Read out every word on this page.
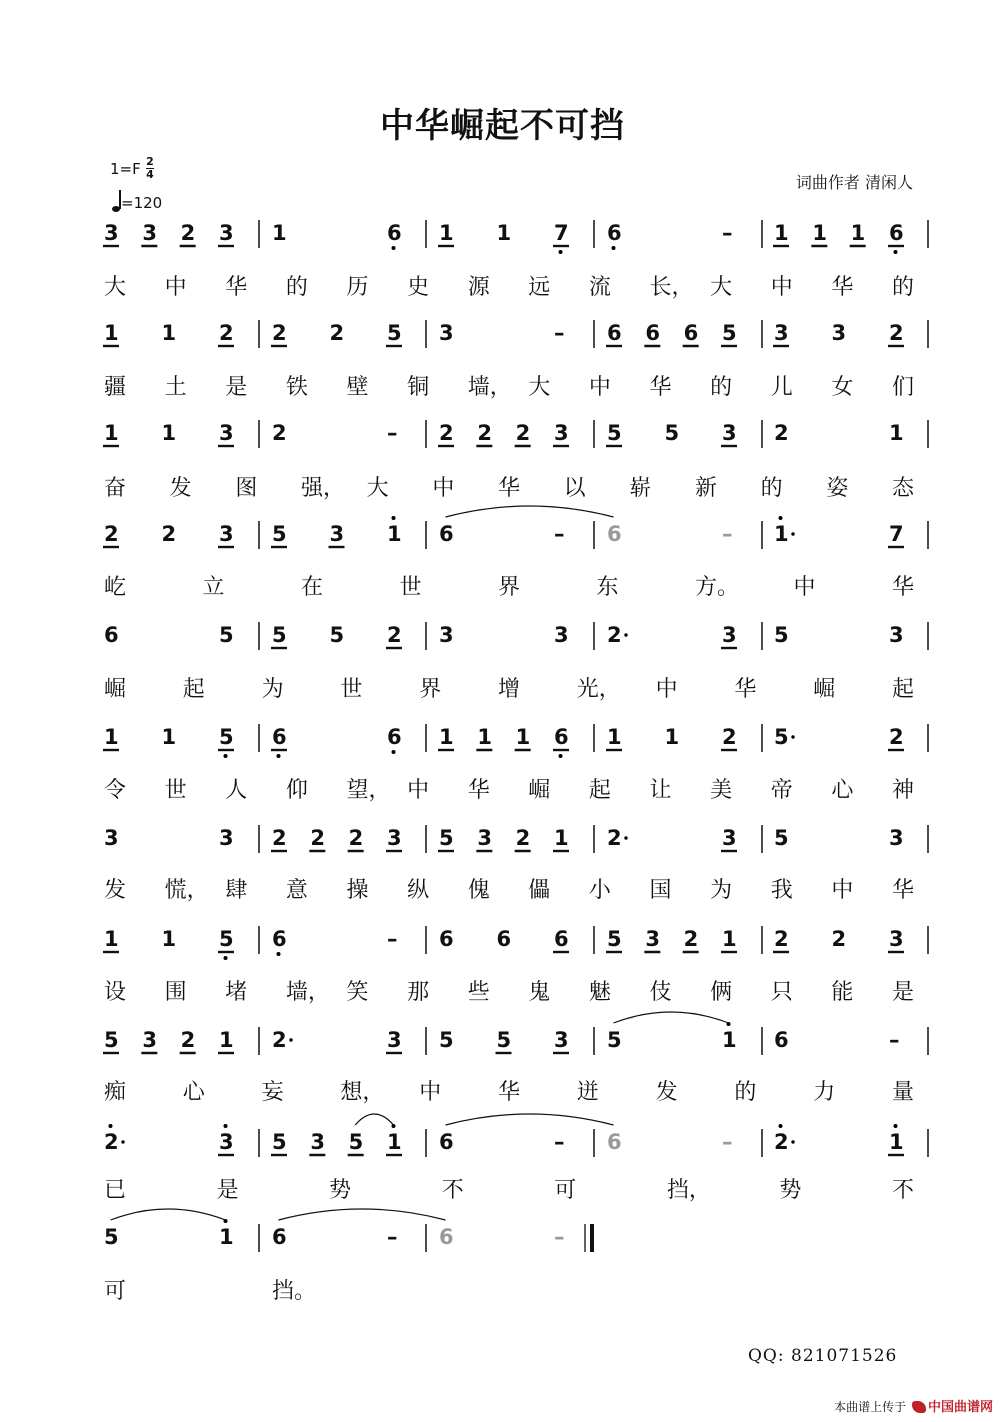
中华崛起不可挡
1=F 2
4
=120
词曲作者 清闲人
3 3 2 3 1	6 1 1 7 6	– 1 1 1 6
大 中 华 的 历 史 源 远 流 长， 大 中 华 的
1 1 2 2 2 5 3	– 6 6 6 5 3 3 2
疆 土 是 铁 壁 铜 墙， 大 中 华 的 儿 女 们
1 1 3 2	– 2 2 2 3 5 5 3 2	1
奋 发 图 强， 大 中 华 以 崭 新 的 姿 态
2 2 3 5 3 1 6	– 6	– 1	7
屹	立	在	世	界	东	方。 中	华
6	5 5 5 2 3	3 2	3 5	3
崛	起	为	世	界	增	光， 中	华	崛	起
1 1 5 6	6 1 1 1 6 1 1 2 5	2
令 世 人 仰 望， 中 华 崛 起 让 美 帝 心 神
3	3 2 2 2 3 5 3 2 1 2	3 5	3
发 慌， 肆 意 操 纵 傀 儡 小 国 为 我 中 华
1 1 5 6	– 6 6 6 5 3 2 1 2 2 3
设 围 堵 墙， 笑 那 些 鬼 魅 伎 俩 只 能 是
5 3 2 1 2	3 5 5 3 5	1 6	–
痴	心	妄	想， 中	华	迸	发	的	力	量
2	3 5 3 5 1 6	– 6	– 2	1
已	是	势	不	可	挡，	势	不
5	1 6	– 6	–
可	挡。
QQ: 821071526
本曲谱上传于 中国曲谱网
